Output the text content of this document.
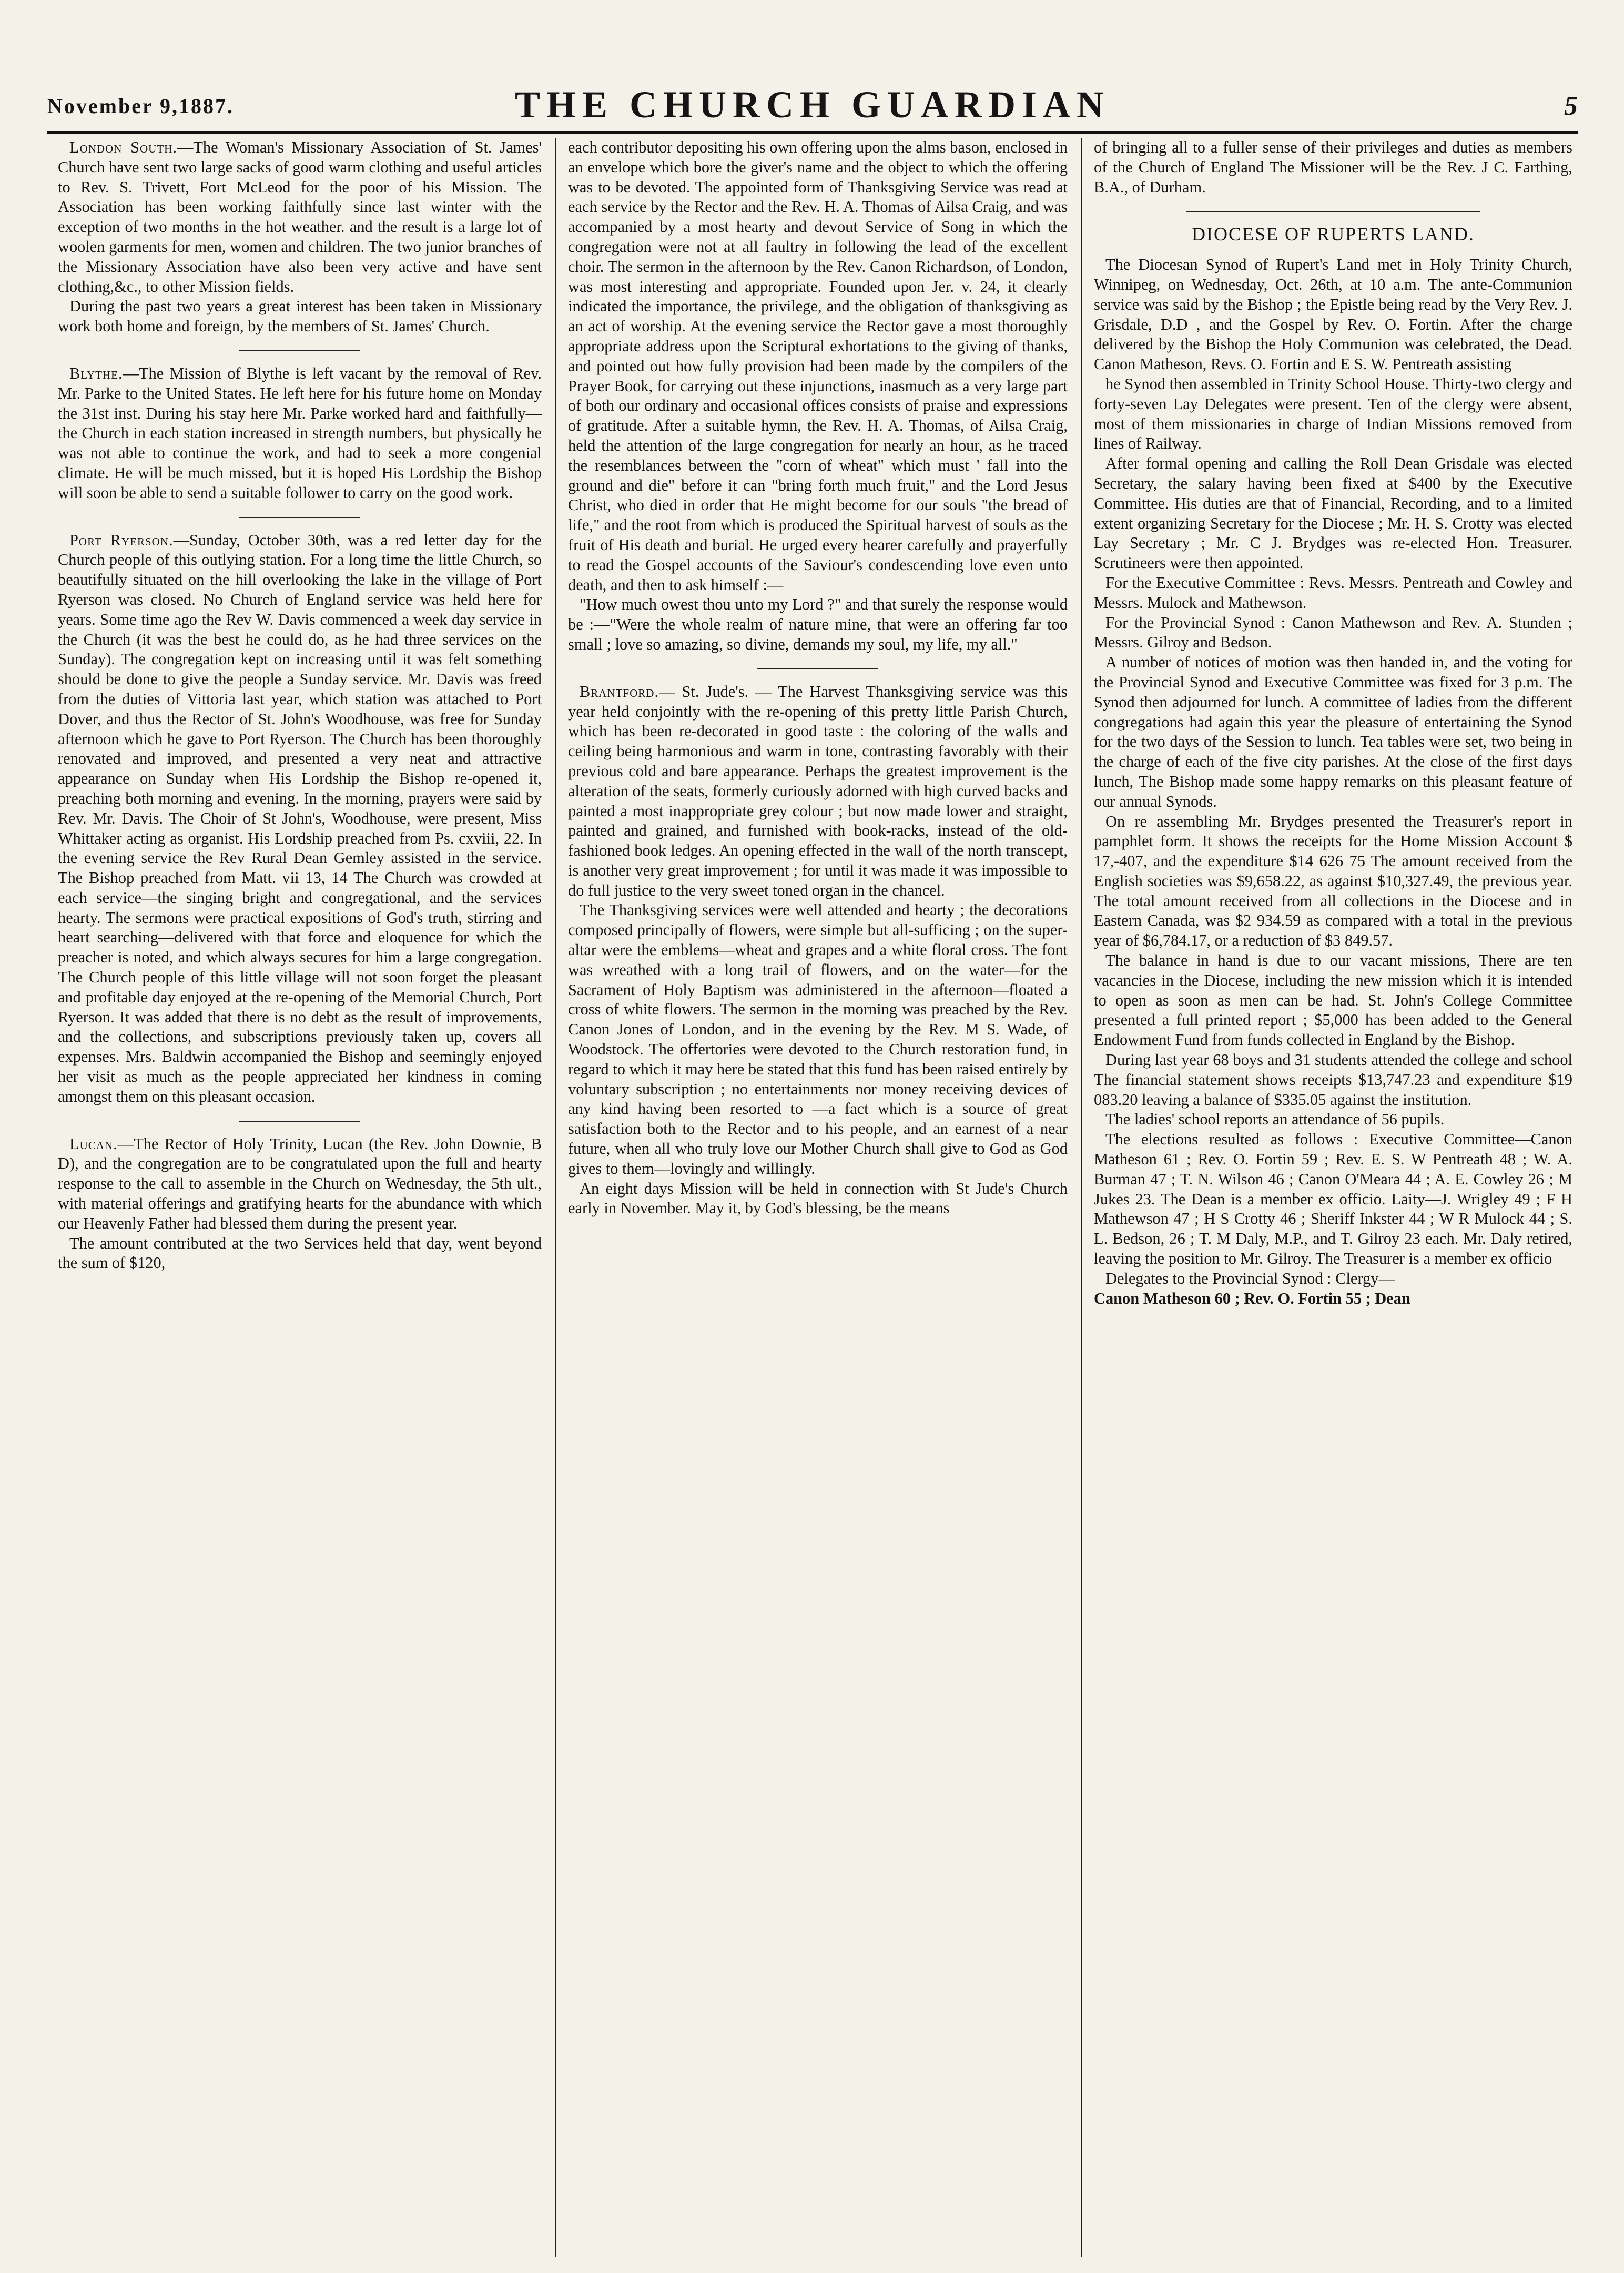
November 9,1887.	THE CHURCH GUARDIAN	5

London South.—The Woman's Missionary Association of St. James' Church have sent two large sacks of good warm clothing and useful articles to Rev. S. Trivett, Fort McLeod for the poor of his Mission. The Association has been working faithfully since last winter with the exception of two months in the hot weather. and the result is a large lot of woolen garments for men, women and children. The two junior branches of the Missionary Association have also been very active and have sent clothing,&c., to other Mission fields.

During the past two years a great interest has been taken in Missionary work both home and foreign, by the members of St. James' Church.

Blythe.—The Mission of Blythe is left vacant by the removal of Rev. Mr. Parke to the United States. He left here for his future home on Monday the 31st inst. During his stay here Mr. Parke worked hard and faithfully—the Church in each station increased in strength numbers, but physically he was not able to continue the work, and had to seek a more congenial climate. He will be much missed, but it is hoped His Lordship the Bishop will soon be able to send a suitable follower to carry on the good work.

Port Ryerson.—Sunday, October 30th, was a red letter day for the Church people of this outlying station. For a long time the little Church, so beautifully situated on the hill overlooking the lake in the village of Port Ryerson was closed. No Church of England service was held here for years. Some time ago the Rev W. Davis commenced a week day service in the Church (it was the best he could do, as he had three services on the Sunday). The congregation kept on increasing until it was felt something should be done to give the people a Sunday service. Mr. Davis was freed from the duties of Vittoria last year, which station was attached to Port Dover, and thus the Rector of St. John's Woodhouse, was free for Sunday afternoon which he gave to Port Ryerson. The Church has been thoroughly renovated and improved, and presented a very neat and attractive appearance on Sunday when His Lordship the Bishop re-opened it, preaching both morning and evening. In the morning, prayers were said by Rev. Mr. Davis. The Choir of St John's, Woodhouse, were present, Miss Whittaker acting as organist. His Lordship preached from Ps. cxviii, 22. In the evening service the Rev Rural Dean Gemley assisted in the service. The Bishop preached from Matt. vii 13, 14 The Church was crowded at each service—the singing bright and congregational, and the services hearty. The sermons were practical expositions of God's truth, stirring and heart searching—delivered with that force and eloquence for which the preacher is noted, and which always secures for him a large congregation. The Church people of this little village will not soon forget the pleasant and profitable day enjoyed at the re-opening of the Memorial Church, Port Ryerson. It was added that there is no debt as the result of improvements, and the collections, and subscriptions previously taken up, covers all expenses. Mrs. Baldwin accompanied the Bishop and seemingly enjoyed her visit as much as the people appreciated her kindness in coming amongst them on this pleasant occasion.

Lucan.—The Rector of Holy Trinity, Lucan (the Rev. John Downie, B D), and the congregation are to be congratulated upon the full and hearty response to the call to assemble in the Church on Wednesday, the 5th ult., with material offerings and gratifying hearts for the abundance with which our Heavenly Father had blessed them during the present year.

The amount contributed at the two Services held that day, went beyond the sum of $120,

each contributor depositing his own offering upon the alms bason, enclosed in an envelope which bore the giver's name and the object to which the offering was to be devoted. The appointed form of Thanksgiving Service was read at each service by the Rector and the Rev. H. A. Thomas of Ailsa Craig, and was accompanied by a most hearty and devout Service of Song in which the congregation were not at all faultry in following the lead of the excellent choir. The sermon in the afternoon by the Rev. Canon Richardson, of London, was most interesting and appropriate. Founded upon Jer. v. 24, it clearly indicated the importance, the privilege, and the obligation of thanksgiving as an act of worship. At the evening service the Rector gave a most thoroughly appropriate address upon the Scriptural exhortations to the giving of thanks, and pointed out how fully provision had been made by the compilers of the Prayer Book, for carrying out these injunctions, inasmuch as a very large part of both our ordinary and occasional offices consists of praise and expressions of gratitude. After a suitable hymn, the Rev. H. A. Thomas, of Ailsa Craig, held the attention of the large congregation for nearly an hour, as he traced the resemblances between the "corn of wheat" which must ' fall into the ground and die" before it can "bring forth much fruit," and the Lord Jesus Christ, who died in order that He might become for our souls "the bread of life," and the root from which is produced the Spiritual harvest of souls as the fruit of His death and burial. He urged every hearer carefully and prayerfully to read the Gospel accounts of the Saviour's condescending love even unto death, and then to ask himself :—

"How much owest thou unto my Lord ?" and that surely the response would be :—"Were the whole realm of nature mine, that were an offering far too small ; love so amazing, so divine, demands my soul, my life, my all."

Brantford.— St. Jude's. — The Harvest Thanksgiving service was this year held conjointly with the re-opening of this pretty little Parish Church, which has been re-decorated in good taste : the coloring of the walls and ceiling being harmonious and warm in tone, contrasting favorably with their previous cold and bare appearance. Perhaps the greatest improvement is the alteration of the seats, formerly curiously adorned with high curved backs and painted a most inappropriate grey colour ; but now made lower and straight, painted and grained, and furnished with book-racks, instead of the old-fashioned book ledges. An opening effected in the wall of the north transcept, is another very great improvement ; for until it was made it was impossible to do full justice to the very sweet toned organ in the chancel.

The Thanksgiving services were well attended and hearty ; the decorations composed principally of flowers, were simple but all-sufficing ; on the super-altar were the emblems—wheat and grapes and a white floral cross. The font was wreathed with a long trail of flowers, and on the water—for the Sacrament of Holy Baptism was administered in the afternoon—floated a cross of white flowers. The sermon in the morning was preached by the Rev. Canon Jones of London, and in the evening by the Rev. M S. Wade, of Woodstock. The offertories were devoted to the Church restoration fund, in regard to which it may here be stated that this fund has been raised entirely by voluntary subscription ; no entertainments nor money receiving devices of any kind having been resorted to —a fact which is a source of great satisfaction both to the Rector and to his people, and an earnest of a near future, when all who truly love our Mother Church shall give to God as God gives to them—lovingly and willingly.

An eight days Mission will be held in connection with St Jude's Church early in November. May it, by God's blessing, be the means

of bringing all to a fuller sense of their privileges and duties as members of the Church of England The Missioner will be the Rev. J C. Farthing, B.A., of Durham.

DIOCESE OF RUPERTS LAND.

The Diocesan Synod of Rupert's Land met in Holy Trinity Church, Winnipeg, on Wednesday, Oct. 26th, at 10 a.m. The ante-Communion service was said by the Bishop ; the Epistle being read by the Very Rev. J. Grisdale, D.D , and the Gospel by Rev. O. Fortin. After the charge delivered by the Bishop the Holy Communion was celebrated, the Dead. Canon Matheson, Revs. O. Fortin and E S. W. Pentreath assisting

he Synod then assembled in Trinity School House. Thirty-two clergy and forty-seven Lay Delegates were present. Ten of the clergy were absent, most of them missionaries in charge of Indian Missions removed from lines of Railway.

After formal opening and calling the Roll Dean Grisdale was elected Secretary, the salary having been fixed at $400 by the Executive Committee. His duties are that of Financial, Recording, and to a limited extent organizing Secretary for the Diocese ; Mr. H. S. Crotty was elected Lay Secretary ; Mr. C J. Brydges was re-elected Hon. Treasurer. Scrutineers were then appointed.

For the Executive Committee : Revs. Messrs. Pentreath and Cowley and Messrs. Mulock and Mathewson.

For the Provincial Synod : Canon Mathewson and Rev. A. Stunden ; Messrs. Gilroy and Bedson.

A number of notices of motion was then handed in, and the voting for the Provincial Synod and Executive Committee was fixed for 3 p.m. The Synod then adjourned for lunch. A committee of ladies from the different congregations had again this year the pleasure of entertaining the Synod for the two days of the Session to lunch. Tea tables were set, two being in the charge of each of the five city parishes. At the close of the first days lunch, The Bishop made some happy remarks on this pleasant feature of our annual Synods.

On re assembling Mr. Brydges presented the Treasurer's report in pamphlet form. It shows the receipts for the Home Mission Account $ 17,-407, and the expenditure $14 626 75 The amount received from the English societies was $9,658.22, as against $10,327.49, the previous year. The total amount received from all collections in the Diocese and in Eastern Canada, was $2 934.59 as compared with a total in the previous year of $6,784.17, or a reduction of $3 849.57.

The balance in hand is due to our vacant missions, There are ten vacancies in the Diocese, including the new mission which it is intended to open as soon as men can be had. St. John's College Committee presented a full printed report ; $5,000 has been added to the General Endowment Fund from funds collected in England by the Bishop.

During last year 68 boys and 31 students attended the college and school The financial statement shows receipts $13,747.23 and expenditure $19 083.20 leaving a balance of $335.05 against the institution.

The ladies' school reports an attendance of 56 pupils.

The elections resulted as follows : Executive Committee—Canon Matheson 61 ; Rev. O. Fortin 59 ; Rev. E. S. W Pentreath 48 ; W. A. Burman 47 ; T. N. Wilson 46 ; Canon O'Meara 44 ; A. E. Cowley 26 ; M Jukes 23. The Dean is a member ex officio. Laity—J. Wrigley 49 ; F H Mathewson 47 ; H S Crotty 46 ; Sheriff Inkster 44 ; W R Mulock 44 ; S. L. Bedson, 26 ; T. M Daly, M.P., and T. Gilroy 23 each. Mr. Daly retired, leaving the position to Mr. Gilroy. The Treasurer is a member ex officio

Delegates to the Provincial Synod : Clergy—

Canon Matheson 60 ; Rev. O. Fortin 55 ; Dean
